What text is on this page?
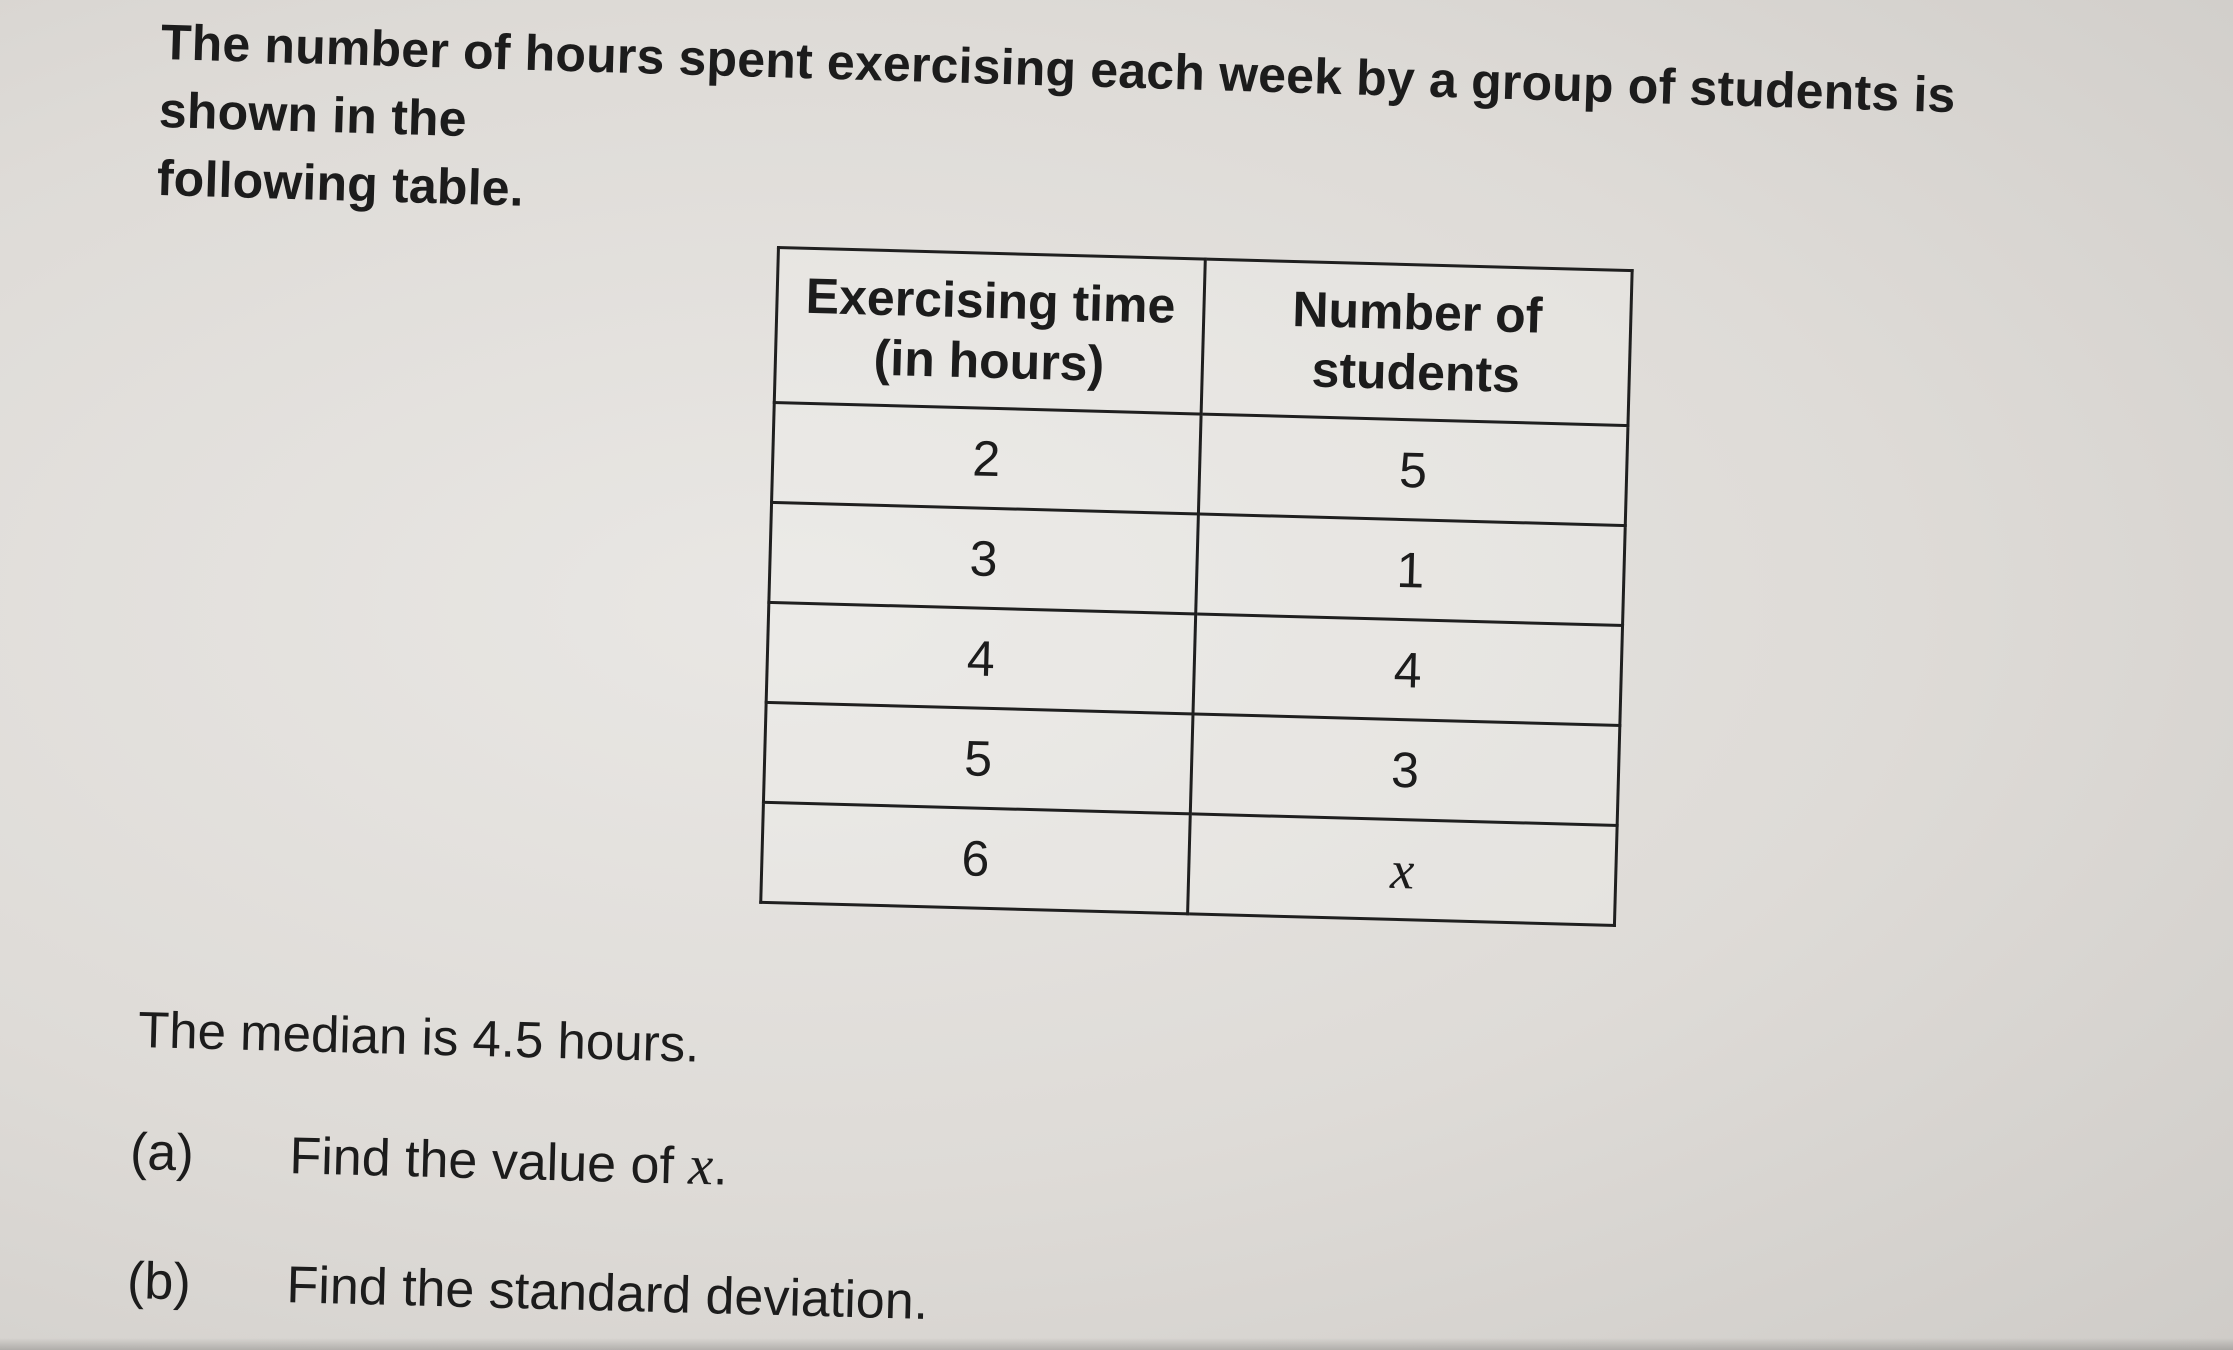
The number of hours spent exercising each week by a group of students is shown in the

following table.

Exercising time
(in hours)	Number of
students
2	5
3	1
4	4
5	3
6	x

The median is 4.5 hours.

(a) Find the value of x.
(b) Find the standard deviation.
